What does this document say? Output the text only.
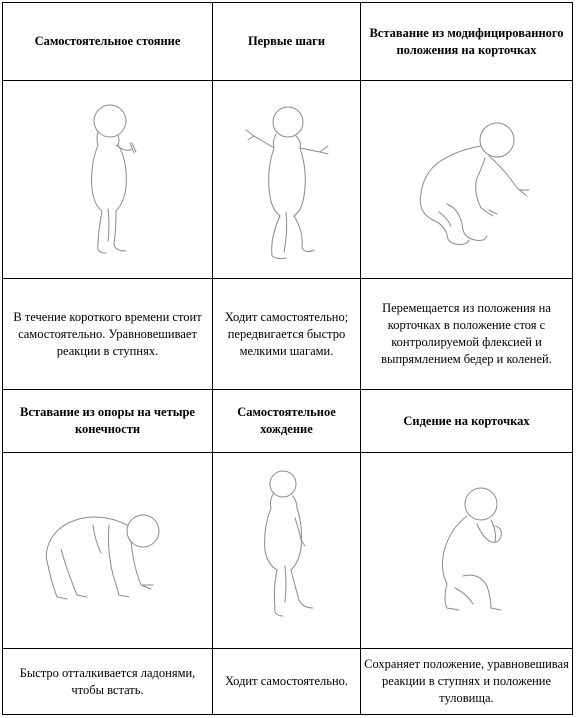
Самостоятельное стояние	Первые шаги	Вставание из модифицированного положения на корточках

В течение короткого времени стоит самостоятельно. Уравновешивает реакции в ступнях.	Ходит самостоятельно; передвигается быстро мелкими шагами.	Перемещается из положения на корточках в положение стоя с контролируемой флексией и выпрямлением бедер и коленей.
Вставание из опоры на четыре конечности	Самостоятельное хождение	Сидение на корточках

Быстро отталкивается ладонями, чтобы встать.	Ходит самостоятельно.	Сохраняет положение, уравновешивая реакции в ступнях и положение туловища.
